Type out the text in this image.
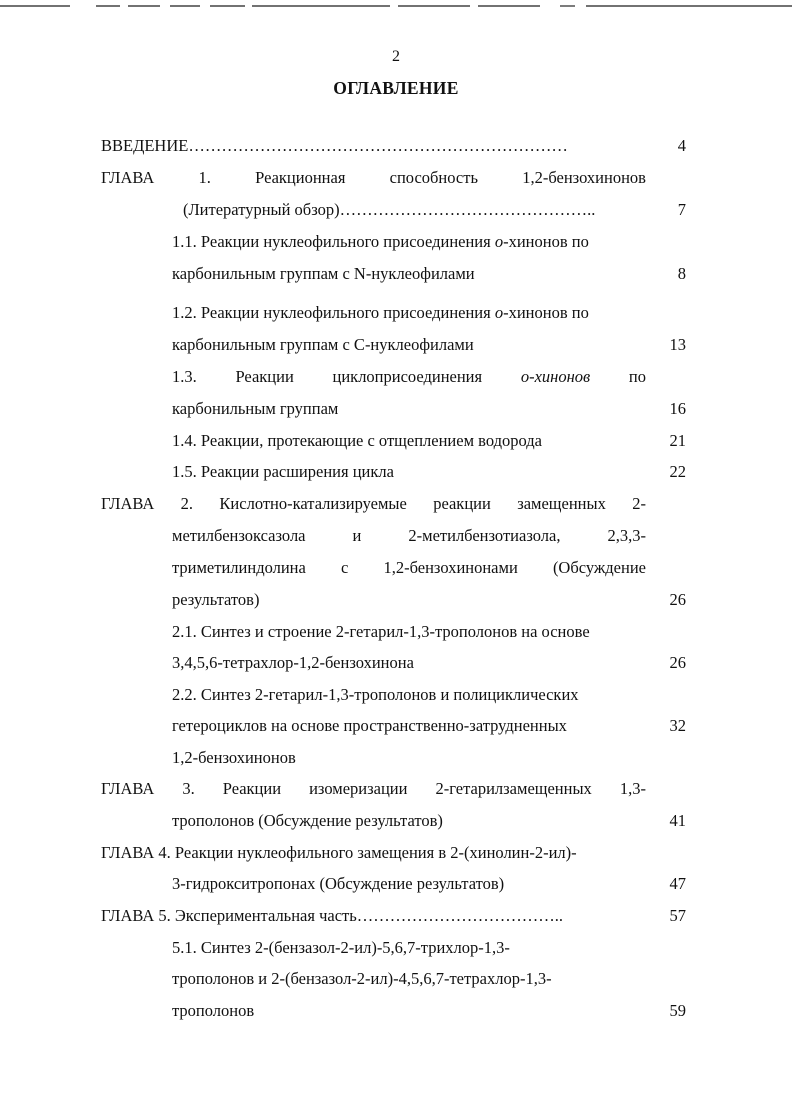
2
ОГЛАВЛЕНИЕ
ВВЕДЕНИЕ……………………………………………………………	4
ГЛАВА	1.	Реакционная	способность	1,2-бензохинонов
(Литературный обзор)………………………………………..	7
1.1. Реакции нуклеофильного присоединения о-хинонов по
карбонильным группам с N-нуклеофилами	8
1.2. Реакции нуклеофильного присоединения о-хинонов по
карбонильным группам с С-нуклеофилами	13
1.3. Реакции циклоприсоединения о-хинонов по
карбонильным группам	16
1.4. Реакции, протекающие с отщеплением водорода	21
1.5. Реакции расширения цикла	22
ГЛАВА 2. Кислотно-катализируемые реакции замещенных 2-
метилбензоксазола	и	2-метилбензотиазола,	2,3,3-
триметилиндолина с 1,2-бензохинонами (Обсуждение
результатов)	26
2.1. Синтез и строение 2-гетарил-1,3-трополонов на основе
3,4,5,6-тетрахлор-1,2-бензохинона	26
2.2. Синтез 2-гетарил-1,3-трополонов и полициклических
гетероциклов на основе пространственно-затрудненных	32
1,2-бензохинонов
ГЛАВА 3. Реакции изомеризации 2-гетарилзамещенных 1,3-
трополонов (Обсуждение результатов)	41
ГЛАВА 4. Реакции нуклеофильного замещения в 2-(хинолин-2-ил)-
3-гидрокситропонах (Обсуждение результатов)	47
ГЛАВА 5. Экспериментальная часть………………………………..	57
5.1. Синтез 2-(бензазол-2-ил)-5,6,7-трихлор-1,3-
трополонов и 2-(бензазол-2-ил)-4,5,6,7-тетрахлор-1,3-
трополонов	59
